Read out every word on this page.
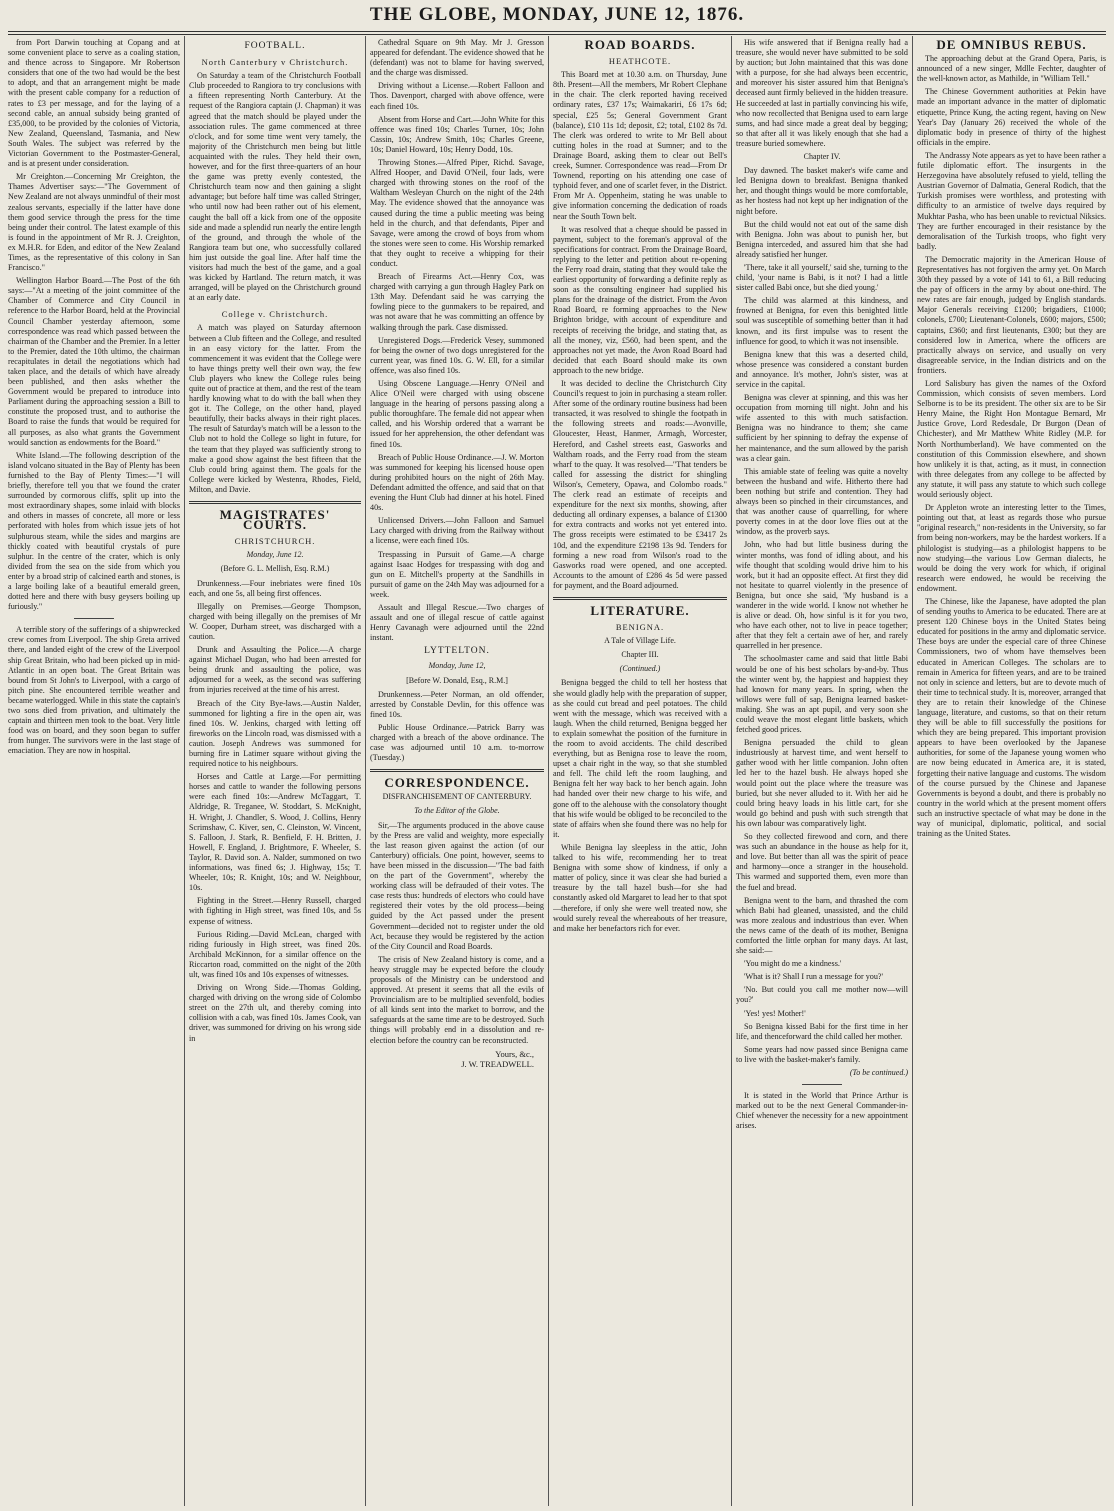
THE GLOBE, MONDAY, JUNE 12, 1876.

from Port Darwin touching at Copang and at some convenient place to serve as a coaling station, and thence across to Singapore. Mr Robertson considers that one of the two had would be the best to adopt, and that an arrangement might be made with the present cable company for a reduction of rates to £3 per message, and for the laying of a second cable, an annual subsidy being granted of £35,000, to be provided by the colonies of Victoria, New Zealand, Queensland, Tasmania, and New South Wales. The subject was referred by the Victorian Government to the Postmaster-General, and is at present under consideration.

Mr Creighton.—Concerning Mr Creighton, the Thames Advertiser says:—"The Government of New Zealand are not always unmindful of their most zealous servants, especially if the latter have done them good service through the press for the time being under their control. The latest example of this is found in the appointment of Mr R. J. Creighton, ex M.H.R. for Eden, and editor of the New Zealand Times, as the representative of this colony in San Francisco."

Wellington Harbor Board.—The Post of the 6th says:—"At a meeting of the joint committee of the Chamber of Commerce and City Council in reference to the Harbor Board, held at the Provincial Council Chamber yesterday afternoon, some correspondence was read which passed between the chairman of the Chamber and the Premier. In a letter to the Premier, dated the 10th ultimo, the chairman recapitulates in detail the negotiations which had taken place, and the details of which have already been published, and then asks whether the Government would be prepared to introduce into Parliament during the approaching session a Bill to constitute the proposed trust, and to authorise the Board to raise the funds that would be required for all purposes, as also what grants the Government would sanction as endowments for the Board."

White Island.—The following description of the island volcano situated in the Bay of Plenty has been furnished to the Bay of Plenty Times:—"I will briefly, therefore tell you that we found the crater surrounded by cormorous cliffs, split up into the most extraordinary shapes, some inlaid with blocks and others in masses of concrete, all more or less perforated with holes from which issue jets of hot sulphurous steam, while the sides and margins are thickly coated with beautiful crystals of pure sulphur. In the centre of the crater, which is only divided from the sea on the side from which you enter by a broad strip of calcined earth and stones, is a large boiling lake of a beautiful emerald green, dotted here and there with busy geysers boiling up furiously."

A terrible story of the sufferings of a shipwrecked crew comes from Liverpool. The ship Greta arrived there, and landed eight of the crew of the Liverpool ship Great Britain, who had been picked up in mid-Atlantic in an open boat. The Great Britain was bound from St John's to Liverpool, with a cargo of pitch pine. She encountered terrible weather and became waterlogged. While in this state the captain's two sons died from privation, and ultimately the captain and thirteen men took to the boat. Very little food was on board, and they soon began to suffer from hunger. The survivors were in the last stage of emaciation. They are now in hospital.

FOOTBALL.
North Canterbury v Christchurch.

On Saturday a team of the Christchurch Football Club proceeded to Rangiora to try conclusions with a fifteen representing North Canterbury. At the request of the Rangiora captain (J. Chapman) it was agreed that the match should be played under the association rules. The game commenced at three o'clock, and for some time went very tamely, the majority of the Christchurch men being but little acquainted with the rules. They held their own, however, and for the first three-quarters of an hour the game was pretty evenly contested, the Christchurch team now and then gaining a slight advantage; but before half time was called Stringer, who until now had been rather out of his element, caught the ball off a kick from one of the opposite side and made a splendid run nearly the entire length of the ground, and through the whole of the Rangiora team but one, who successfully collared him just outside the goal line. After half time the visitors had much the best of the game, and a goal was kicked by Hartland. The return match, it was arranged, will be played on the Christchurch ground at an early date.

College v. Christchurch.

A match was played on Saturday afternoon between a Club fifteen and the College, and resulted in an easy victory for the latter. From the commencement it was evident that the College were to have things pretty well their own way, the few Club players who knew the College rules being quite out of practice at them, and the rest of the team hardly knowing what to do with the ball when they got it. The College, on the other hand, played beautifully, their backs always in their right places. The result of Saturday's match will be a lesson to the Club not to hold the College so light in future, for the team that they played was sufficiently strong to make a good show against the best fifteen that the Club could bring against them. The goals for the College were kicked by Westenra, Rhodes, Field, Milton, and Davie.

MAGISTRATES' COURTS.
CHRISTCHURCH.
Monday, June 12.
(Before G. L. Mellish, Esq. R.M.)

Drunkenness.—Four inebriates were fined 10s each, and one 5s, all being first offences.

Illegally on Premises.—George Thompson, charged with being illegally on the premises of Mr W. Cooper, Durham street, was discharged with a caution.

Drunk and Assaulting the Police.—A charge against Michael Dugan, who had been arrested for being drunk and assaulting the police, was adjourned for a week, as the second was suffering from injuries received at the time of his arrest.

Breach of the City Bye-laws.—Austin Nalder, summoned for lighting a fire in the open air, was fined 10s. W. Jenkins, charged with letting off fireworks on the Lincoln road, was dismissed with a caution. Joseph Andrews was summoned for burning fire in Latimer square without giving the required notice to his neighbours.

Horses and Cattle at Large.—For permitting horses and cattle to wander the following persons were each fined 10s:—Andrew McTaggart, T. Aldridge, R. Treganee, W. Stoddart, S. McKnight, H. Wright, J. Chandler, S. Wood, J. Collins, Henry Scrimshaw, C. Kiver, sen, C. Cleinston, W. Vincent, S. Falloon, J. Stark, R. Benfield, F. H. Britten, J. Howell, F. England, J. Brightmore, F. Wheeler, S. Taylor, R. David son. A. Nalder, summoned on two informations, was fined 6s; J. Highway, 15s; T. Wheeler, 10s; R. Knight, 10s; and W. Neighbour, 10s.

Fighting in the Street.—Henry Russell, charged with fighting in High street, was fined 10s, and 5s expense of witness.

Furious Riding.—David McLean, charged with riding furiously in High street, was fined 20s. Archibald McKinnon, for a similar offence on the Riccarton road, committed on the night of the 20th ult, was fined 10s and 10s expenses of witnesses.

Driving on Wrong Side.—Thomas Golding, charged with driving on the wrong side of Colombo street on the 27th ult, and thereby coming into collision with a cab, was fined 10s. James Cook, van driver, was summoned for driving on his wrong side in

Cathedral Square on 9th May. Mr J. Gresson appeared for defendant. The evidence showed that he (defendant) was not to blame for having swerved, and the charge was dismissed.

Driving without a License.—Robert Falloon and Thos. Davenport, charged with above offence, were each fined 10s.

Absent from Horse and Cart.—John White for this offence was fined 10s; Charles Turner, 10s; John Cassin, 10s; Andrew Smith, 10s; Charles Greene, 10s; Daniel Howard, 10s; Henry Dodd, 10s.

Throwing Stones.—Alfred Piper, Richd. Savage, Alfred Hooper, and David O'Neil, four lads, were charged with throwing stones on the roof of the Waltham Wesleyan Church on the night of the 24th May. The evidence showed that the annoyance was caused during the time a public meeting was being held in the church, and that defendants, Piper and Savage, were among the crowd of boys from whom the stones were seen to come. His Worship remarked that they ought to receive a whipping for their conduct.

Breach of Firearms Act.—Henry Cox, was charged with carrying a gun through Hagley Park on 13th May. Defendant said he was carrying the fowling piece to the gunmakers to be repaired, and was not aware that he was committing an offence by walking through the park. Case dismissed.

Unregistered Dogs.—Frederick Vesey, summoned for being the owner of two dogs unregistered for the current year, was fined 10s. G. W. Ell, for a similar offence, was also fined 10s.

Using Obscene Language.—Henry O'Neil and Alice O'Neil were charged with using obscene language in the hearing of persons passing along a public thoroughfare. The female did not appear when called, and his Worship ordered that a warrant be issued for her apprehension, the other defendant was fined 10s.

Breach of Public House Ordinance.—J. W. Morton was summoned for keeping his licensed house open during prohibited hours on the night of 26th May. Defendant admitted the offence, and said that on that evening the Hunt Club had dinner at his hotel. Fined 40s.

Unlicensed Drivers.—John Falloon and Samuel Lacy charged with driving from the Railway without a license, were each fined 10s.

Trespassing in Pursuit of Game.—A charge against Isaac Hodges for trespassing with dog and gun on E. Mitchell's property at the Sandhills in pursuit of game on the 24th May was adjourned for a week.

Assault and Illegal Rescue.—Two charges of assault and one of illegal rescue of cattle against Henry Cavanagh were adjourned until the 22nd instant.

LYTTELTON.
Monday, June 12,
[Before W. Donald, Esq., R.M.]

Drunkenness.—Peter Norman, an old offender, arrested by Constable Devlin, for this offence was fined 10s.

Public House Ordinance.—Patrick Barry was charged with a breach of the above ordinance. The case was adjourned until 10 a.m. to-morrow (Tuesday.)

CORRESPONDENCE.
DISFRANCHISEMENT OF CANTERBURY.
To the Editor of the Globe.

Sir,—The arguments produced in the above cause by the Press are valid and weighty, more especially the last reason given against the action (of our Canterbury) officials. One point, however, seems to have been missed in the discussion—"The bad faith on the part of the Government", whereby the working class will be defrauded of their votes. The case rests thus: hundreds of electors who could have registered their votes by the old process—being guided by the Act passed under the present Government—decided not to register under the old Act, because they would be registered by the action of the City Council and Road Boards.

The crisis of New Zealand history is come, and a heavy struggle may be expected before the cloudy proposals of the Ministry can be understood and approved. At present it seems that all the evils of Provincialism are to be multiplied sevenfold, bodies of all kinds sent into the market to borrow, and the safeguards at the same time are to be destroyed. Such things will probably end in a dissolution and re-election before the country can be reconstructed.

Yours, &c.,
J. W. TREADWELL.
ROAD BOARDS.
HEATHCOTE.

This Board met at 10.30 a.m. on Thursday, June 8th. Present—All the members, Mr Robert Clephane in the chair. The clerk reported having received ordinary rates, £37 17s; Waimakariri, £6 17s 6d; special, £25 5s; General Government Grant (balance), £10 11s 1d; deposit, £2; total, £102 8s 7d. The clerk was ordered to write to Mr Bell about cutting holes in the road at Sumner; and to the Drainage Board, asking them to clear out Bell's creek, Sumner. Correspondence was read—From Dr Townend, reporting on his attending one case of typhoid fever, and one of scarlet fever, in the District. From Mr A. Oppenheim, stating he was unable to give information concerning the dedication of roads near the South Town belt.

It was resolved that a cheque should be passed in payment, subject to the foreman's approval of the specifications for contract. From the Drainage Board, replying to the letter and petition about re-opening the Ferry road drain, stating that they would take the earliest opportunity of forwarding a definite reply as soon as the consulting engineer had supplied his plans for the drainage of the district. From the Avon Road Board, re forming approaches to the New Brighton bridge, with account of expenditure and receipts of receiving the bridge, and stating that, as all the money, viz, £560, had been spent, and the approaches not yet made, the Avon Road Board had decided that each Board should make its own approach to the new bridge.

It was decided to decline the Christchurch City Council's request to join in purchasing a steam roller. After some of the ordinary routine business had been transacted, it was resolved to shingle the footpath in the following streets and roads:—Avonville, Gloucester, Heast, Hanmer, Armagh, Worcester, Hereford, and Cashel streets east, Gasworks and Waltham roads, and the Ferry road from the steam wharf to the quay. It was resolved—"That tenders be called for assessing the district for shingling Wilson's, Cemetery, Opawa, and Colombo roads." The clerk read an estimate of receipts and expenditure for the next six months, showing, after deducting all ordinary expenses, a balance of £1300 for extra contracts and works not yet entered into. The gross receipts were estimated to be £3417 2s 10d, and the expenditure £2198 13s 9d. Tenders for forming a new road from Wilson's road to the Gasworks road were opened, and one accepted. Accounts to the amount of £286 4s 5d were passed for payment, and the Board adjourned.

LITERATURE.
BENIGNA.
A Tale of Village Life.
Chapter III.
(Continued.)

Benigna begged the child to tell her hostess that she would gladly help with the preparation of supper, as she could cut bread and peel potatoes. The child went with the message, which was received with a laugh. When the child returned, Benigna begged her to explain somewhat the position of the furniture in the room to avoid accidents. The child described everything, but as Benigna rose to leave the room, upset a chair right in the way, so that she stumbled and fell. The child left the room laughing, and Benigna felt her way back to her bench again. John had handed over their new charge to his wife, and gone off to the alehouse with the consolatory thought that his wife would be obliged to be reconciled to the state of affairs when she found there was no help for it.

While Benigna lay sleepless in the attic, John talked to his wife, recommending her to treat Benigna with some show of kindness, if only a matter of policy, since it was clear she had buried a treasure by the tall hazel bush—for she had constantly asked old Margaret to lead her to that spot—therefore, if only she were well treated now, she would surely reveal the whereabouts of her treasure, and make her benefactors rich for ever.

His wife answered that if Benigna really had a treasure, she would never have submitted to be sold by auction; but John maintained that this was done with a purpose, for she had always been eccentric, and moreover his sister assured him that Benigna's deceased aunt firmly believed in the hidden treasure. He succeeded at last in partially convincing his wife, who now recollected that Benigna used to earn large sums, and had since made a great deal by begging; so that after all it was likely enough that she had a treasure buried somewhere.

Chapter IV.

Day dawned. The basket maker's wife came and led Benigna down to breakfast. Benigna thanked her, and thought things would be more comfortable, as her hostess had not kept up her indignation of the night before.

But the child would not eat out of the same dish with Benigna. John was about to punish her, but Benigna interceded, and assured him that she had already satisfied her hunger.

'There, take it all yourself,' said she, turning to the child, 'your name is Babi, is it not? I had a little sister called Babi once, but she died young.'

The child was alarmed at this kindness, and frowned at Benigna, for even this benighted little soul was susceptible of something better than it had known, and its first impulse was to resent the influence for good, to which it was not insensible.

Benigna knew that this was a deserted child, whose presence was considered a constant burden and annoyance. It's mother, John's sister, was at service in the capital.

Benigna was clever at spinning, and this was her occupation from morning till night. John and his wife assented to this with much satisfaction. Benigna was no hindrance to them; she came sufficient by her spinning to defray the expense of her maintenance, and the sum allowed by the parish was a clear gain.

This amiable state of feeling was quite a novelty between the husband and wife. Hitherto there had been nothing but strife and contention. They had always been so pinched in their circumstances, and that was another cause of quarrelling, for where poverty comes in at the door love flies out at the window, as the proverb says.

John, who had but little business during the winter months, was fond of idling about, and his wife thought that scolding would drive him to his work, but it had an opposite effect. At first they did not hesitate to quarrel violently in the presence of Benigna, but once she said, 'My husband is a wanderer in the wide world. I know not whether he is alive or dead. Oh, how sinful is it for you two, who have each other, not to live in peace together; after that they felt a certain awe of her, and rarely quarrelled in her presence.

The schoolmaster came and said that little Babi would be one of his best scholars by-and-by. Thus the winter went by, the happiest and happiest they had known for many years. In spring, when the willows were full of sap, Benigna learned basket-making. She was an apt pupil, and very soon she could weave the most elegant little baskets, which fetched good prices.

Benigna persuaded the child to glean industriously at harvest time, and went herself to gather wood with her little companion. John often led her to the hazel bush. He always hoped she would point out the place where the treasure was buried, but she never alluded to it. With her aid he could bring heavy loads in his little cart, for she would go behind and push with such strength that his own labour was comparatively light.

So they collected firewood and corn, and there was such an abundance in the house as help for it, and love. But better than all was the spirit of peace and harmony—once a stranger in the household. This warmed and supported them, even more than the fuel and bread.

Benigna went to the barn, and thrashed the corn which Babi had gleaned, unassisted, and the child was more zealous and industrious than ever. When the news came of the death of its mother, Benigna comforted the little orphan for many days. At last, she said:—

'You might do me a kindness.'

'What is it? Shall I run a message for you?'

'No. But could you call me mother now—will you?'

'Yes! yes! Mother!'

So Benigna kissed Babi for the first time in her life, and thenceforward the child called her mother.

Some years had now passed since Benigna came to live with the basket-maker's family.

(To be continued.)

It is stated in the World that Prince Arthur is marked out to be the next General Commander-in-Chief whenever the necessity for a new appointment arises.

DE OMNIBUS REBUS.

The approaching debut at the Grand Opera, Paris, is announced of a new singer, Mdlle Fechter, daughter of the well-known actor, as Mathilde, in "William Tell."

The Chinese Government authorities at Pekin have made an important advance in the matter of diplomatic etiquette, Prince Kung, the acting regent, having on New Year's Day (January 26) received the whole of the diplomatic body in presence of thirty of the highest officials in the empire.

The Andrassy Note appears as yet to have been rather a futile diplomatic effort. The insurgents in the Herzegovina have absolutely refused to yield, telling the Austrian Governor of Dalmatia, General Rodich, that the Turkish promises were worthless, and protesting with difficulty to an armistice of twelve days required by Mukhtar Pasha, who has been unable to revictual Niksics. They are further encouraged in their resistance by the demoralisation of the Turkish troops, who fight very badly.

The Democratic majority in the American House of Representatives has not forgiven the army yet. On March 30th they passed by a vote of 141 to 61, a Bill reducing the pay of officers in the army by about one-third. The new rates are fair enough, judged by English standards. Major Generals receiving £1200; brigadiers, £1000; colonels, £700; Lieutenant-Colonels, £600; majors, £500; captains, £360; and first lieutenants, £300; but they are considered low in America, where the officers are practically always on service, and usually on very disagreeable service, in the Indian districts and on the frontiers.

Lord Salisbury has given the names of the Oxford Commission, which consists of seven members. Lord Selborne is to be its president. The other six are to be Sir Henry Maine, the Right Hon Montague Bernard, Mr Justice Grove, Lord Redesdale, Dr Burgon (Dean of Chichester), and Mr Matthew White Ridley (M.P. for North Northumberland). We have commented on the constitution of this Commission elsewhere, and shown how unlikely it is that, acting, as it must, in connection with three delegates from any college to be affected by any statute, it will pass any statute to which such college would seriously object.

Dr Appleton wrote an interesting letter to the Times, pointing out that, at least as regards those who pursue "original research," non-residents in the University, so far from being non-workers, may be the hardest workers. If a philologist is studying—as a philologist happens to be now studying—the various Low German dialects, he would be doing the very work for which, if original research were endowed, he would be receiving the endowment.

The Chinese, like the Japanese, have adopted the plan of sending youths to America to be educated. There are at present 120 Chinese boys in the United States being educated for positions in the army and diplomatic service. These boys are under the especial care of three Chinese Commissioners, two of whom have themselves been educated in American Colleges. The scholars are to remain in America for fifteen years, and are to be trained not only in science and letters, but are to devote much of their time to technical study. It is, moreover, arranged that they are to retain their knowledge of the Chinese language, literature, and customs, so that on their return they will be able to fill successfully the positions for which they are being prepared. This important provision appears to have been overlooked by the Japanese authorities, for some of the Japanese young women who are now being educated in America are, it is stated, forgetting their native language and customs. The wisdom of the course pursued by the Chinese and Japanese Governments is beyond a doubt, and there is probably no country in the world which at the present moment offers such an instructive spectacle of what may be done in the way of municipal, diplomatic, political, and social training as the United States.
